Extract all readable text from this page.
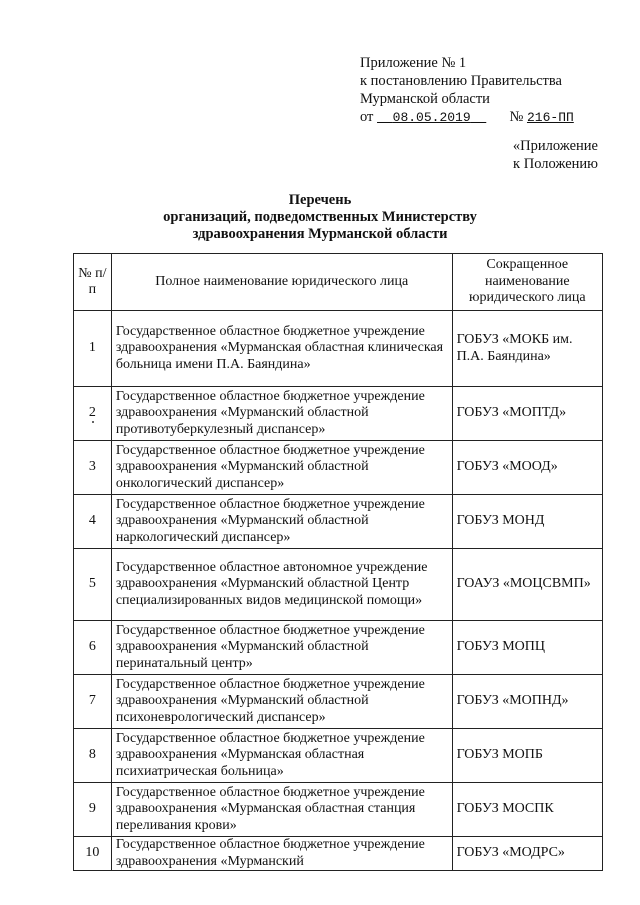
Приложение № 1
к постановлению Правительства
Мурманской области
от 08.05.2019	№ 216-ПП
«Приложение
к Положению
Перечень
организаций, подведомственных Министерству
здравоохранения Мурманской области
№ п/п	Полное наименование юридического лица	Сокращенное наименование юридического лица
1	Государственное областное бюджетное учреждение здравоохранения «Мурманская областная клиническая больница имени П.А. Баяндина»	ГОБУЗ «МОКБ им. П.А. Баяндина»
2	Государственное областное бюджетное учреждение здравоохранения «Мурманский областной противотуберкулезный диспансер»	ГОБУЗ «МОПТД»
3	Государственное областное бюджетное учреждение здравоохранения «Мурманский областной онкологический диспансер»	ГОБУЗ «МООД»
4	Государственное областное бюджетное учреждение здравоохранения «Мурманский областной наркологический диспансер»	ГОБУЗ МОНД
5	Государственное областное автономное учреждение здравоохранения «Мурманский областной Центр специализированных видов медицинской помощи»	ГОАУЗ «МОЦСВМП»
6	Государственное областное бюджетное учреждение здравоохранения «Мурманский областной перинатальный центр»	ГОБУЗ МОПЦ
7	Государственное областное бюджетное учреждение здравоохранения «Мурманский областной психоневрологический диспансер»	ГОБУЗ «МОПНД»
8	Государственное областное бюджетное учреждение здравоохранения «Мурманская областная психиатрическая больница»	ГОБУЗ МОПБ
9	Государственное областное бюджетное учреждение здравоохранения «Мурманская областная станция переливания крови»	ГОБУЗ МОСПК
10	Государственное областное бюджетное учреждение здравоохранения «Мурманский	ГОБУЗ «МОДРС»
